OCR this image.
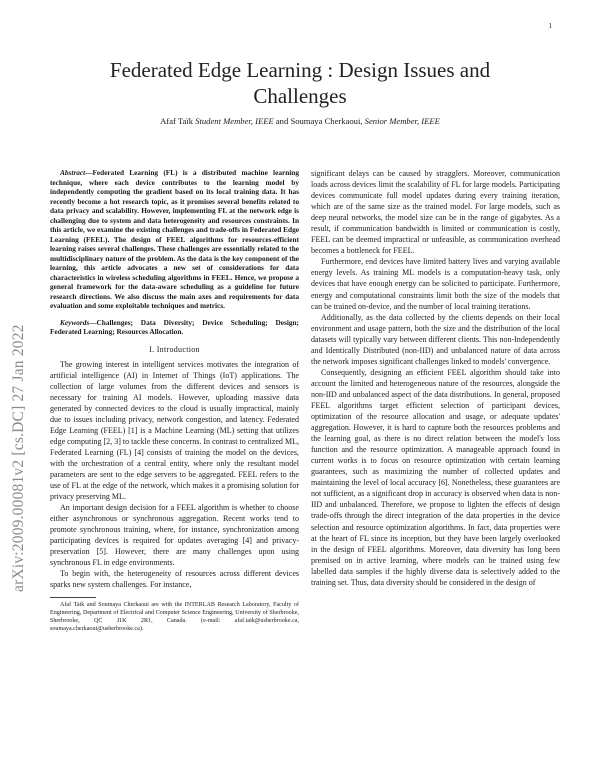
1
arXiv:2009.00081v2 [cs.DC] 27 Jan 2022
Federated Edge Learning : Design Issues and Challenges
Afaf Taïk Student Member, IEEE and Soumaya Cherkaoui, Senior Member, IEEE

Abstract—Federated Learning (FL) is a distributed machine learning technique, where each device contributes to the learning model by independently computing the gradient based on its local training data. It has recently become a hot research topic, as it promises several benefits related to data privacy and scalability. However, implementing FL at the network edge is challenging due to system and data heterogeneity and resources constraints. In this article, we examine the existing challenges and trade-offs in Federated Edge Learning (FEEL). The design of FEEL algorithms for resources-efficient learning raises several challenges. These challenges are essentially related to the multidisciplinary nature of the problem. As the data is the key component of the learning, this article advocates a new set of considerations for data characteristics in wireless scheduling algorithms in FEEL. Hence, we propose a general framework for the data-aware scheduling as a guideline for future research directions. We also discuss the main axes and requirements for data evaluation and some exploitable techniques and metrics.

Keywords—Challenges; Data Diversity; Device Scheduling; Design; Federated Learning; Resources Allocation.

I. Introduction

The growing interest in intelligent services motivates the integration of artificial intelligence (AI) in Internet of Things (IoT) applications. The collection of large volumes from the different devices and sensors is necessary for training AI models. However, uploading massive data generated by connected devices to the cloud is usually impractical, mainly due to issues including privacy, network congestion, and latency. Federated Edge Learning (FEEL) [1] is a Machine Learning (ML) setting that utilizes edge computing [2, 3] to tackle these concerns. In contrast to centralized ML, Federated Learning (FL) [4] consists of training the model on the devices, with the orchestration of a central entity, where only the resultant model parameters are sent to the edge servers to be aggregated. FEEL refers to the use of FL at the edge of the network, which makes it a promising solution for privacy preserving ML.

An important design decision for a FEEL algorithm is whether to choose either asynchronous or synchronous aggregation. Recent works tend to promote synchronous training, where, for instance, synchronization among participating devices is required for updates averaging [4] and privacy-preservation [5]. However, there are many challenges upon using synchronous FL in edge environments.

To begin with, the heterogeneity of resources across different devices sparks new system challenges. For instance,

Afaf Taïk and Soumaya Cherkaoui are with the INTERLAB Research Laboratory, Faculty of Engineering, Department of Electrical and Computer Science Engineering, University of Sherbrooke, Sherbrooke, QC J1K 2R1, Canada. (e-mail: afaf.taik@usherbrooke.ca, soumaya.cherkaoui@usherbrooke.ca).

significant delays can be caused by stragglers. Moreover, communication loads across devices limit the scalability of FL for large models. Participating devices communicate full model updates during every training iteration, which are of the same size as the trained model. For large models, such as deep neural networks, the model size can be in the range of gigabytes. As a result, if communication bandwidth is limited or communication is costly, FEEL can be deemed impractical or unfeasible, as communication overhead becomes a bottleneck for FEEL.

Furthermore, end devices have limited battery lives and varying available energy levels. As training ML models is a computation-heavy task, only devices that have enough energy can be solicited to participate. Furthermore, energy and computational constraints limit both the size of the models that can be trained on-device, and the number of local training iterations.

Additionally, as the data collected by the clients depends on their local environment and usage pattern, both the size and the distribution of the local datasets will typically vary between different clients. This non-Independently and Identically Distributed (non-IID) and unbalanced nature of data across the network imposes significant challenges linked to models' convergence.

Consequently, designing an efficient FEEL algorithm should take into account the limited and heterogeneous nature of the resources, alongside the non-IID and unbalanced aspect of the data distributions. In general, proposed FEEL algorithms target efficient selection of participant devices, optimization of the resource allocation and usage, or adequate updates' aggregation. However, it is hard to capture both the resources problems and the learning goal, as there is no direct relation between the model's loss function and the resource optimization. A manageable approach found in current works is to focus on resource optimization with certain learning guarantees, such as maximizing the number of collected updates and maintaining the level of local accuracy [6]. Nonetheless, these guarantees are not sufficient, as a significant drop in accuracy is observed when data is non-IID and unbalanced. Therefore, we propose to lighten the effects of design trade-offs through the direct integration of the data properties in the device selection and resource optimization algorithms. In fact, data properties were at the heart of FL since its inception, but they have been largely overlooked in the design of FEEL algorithms. Moreover, data diversity has long been premised on in active learning, where models can be trained using few labelled data samples if the highly diverse data is selectively added to the training set. Thus, data diversity should be considered in the design of
